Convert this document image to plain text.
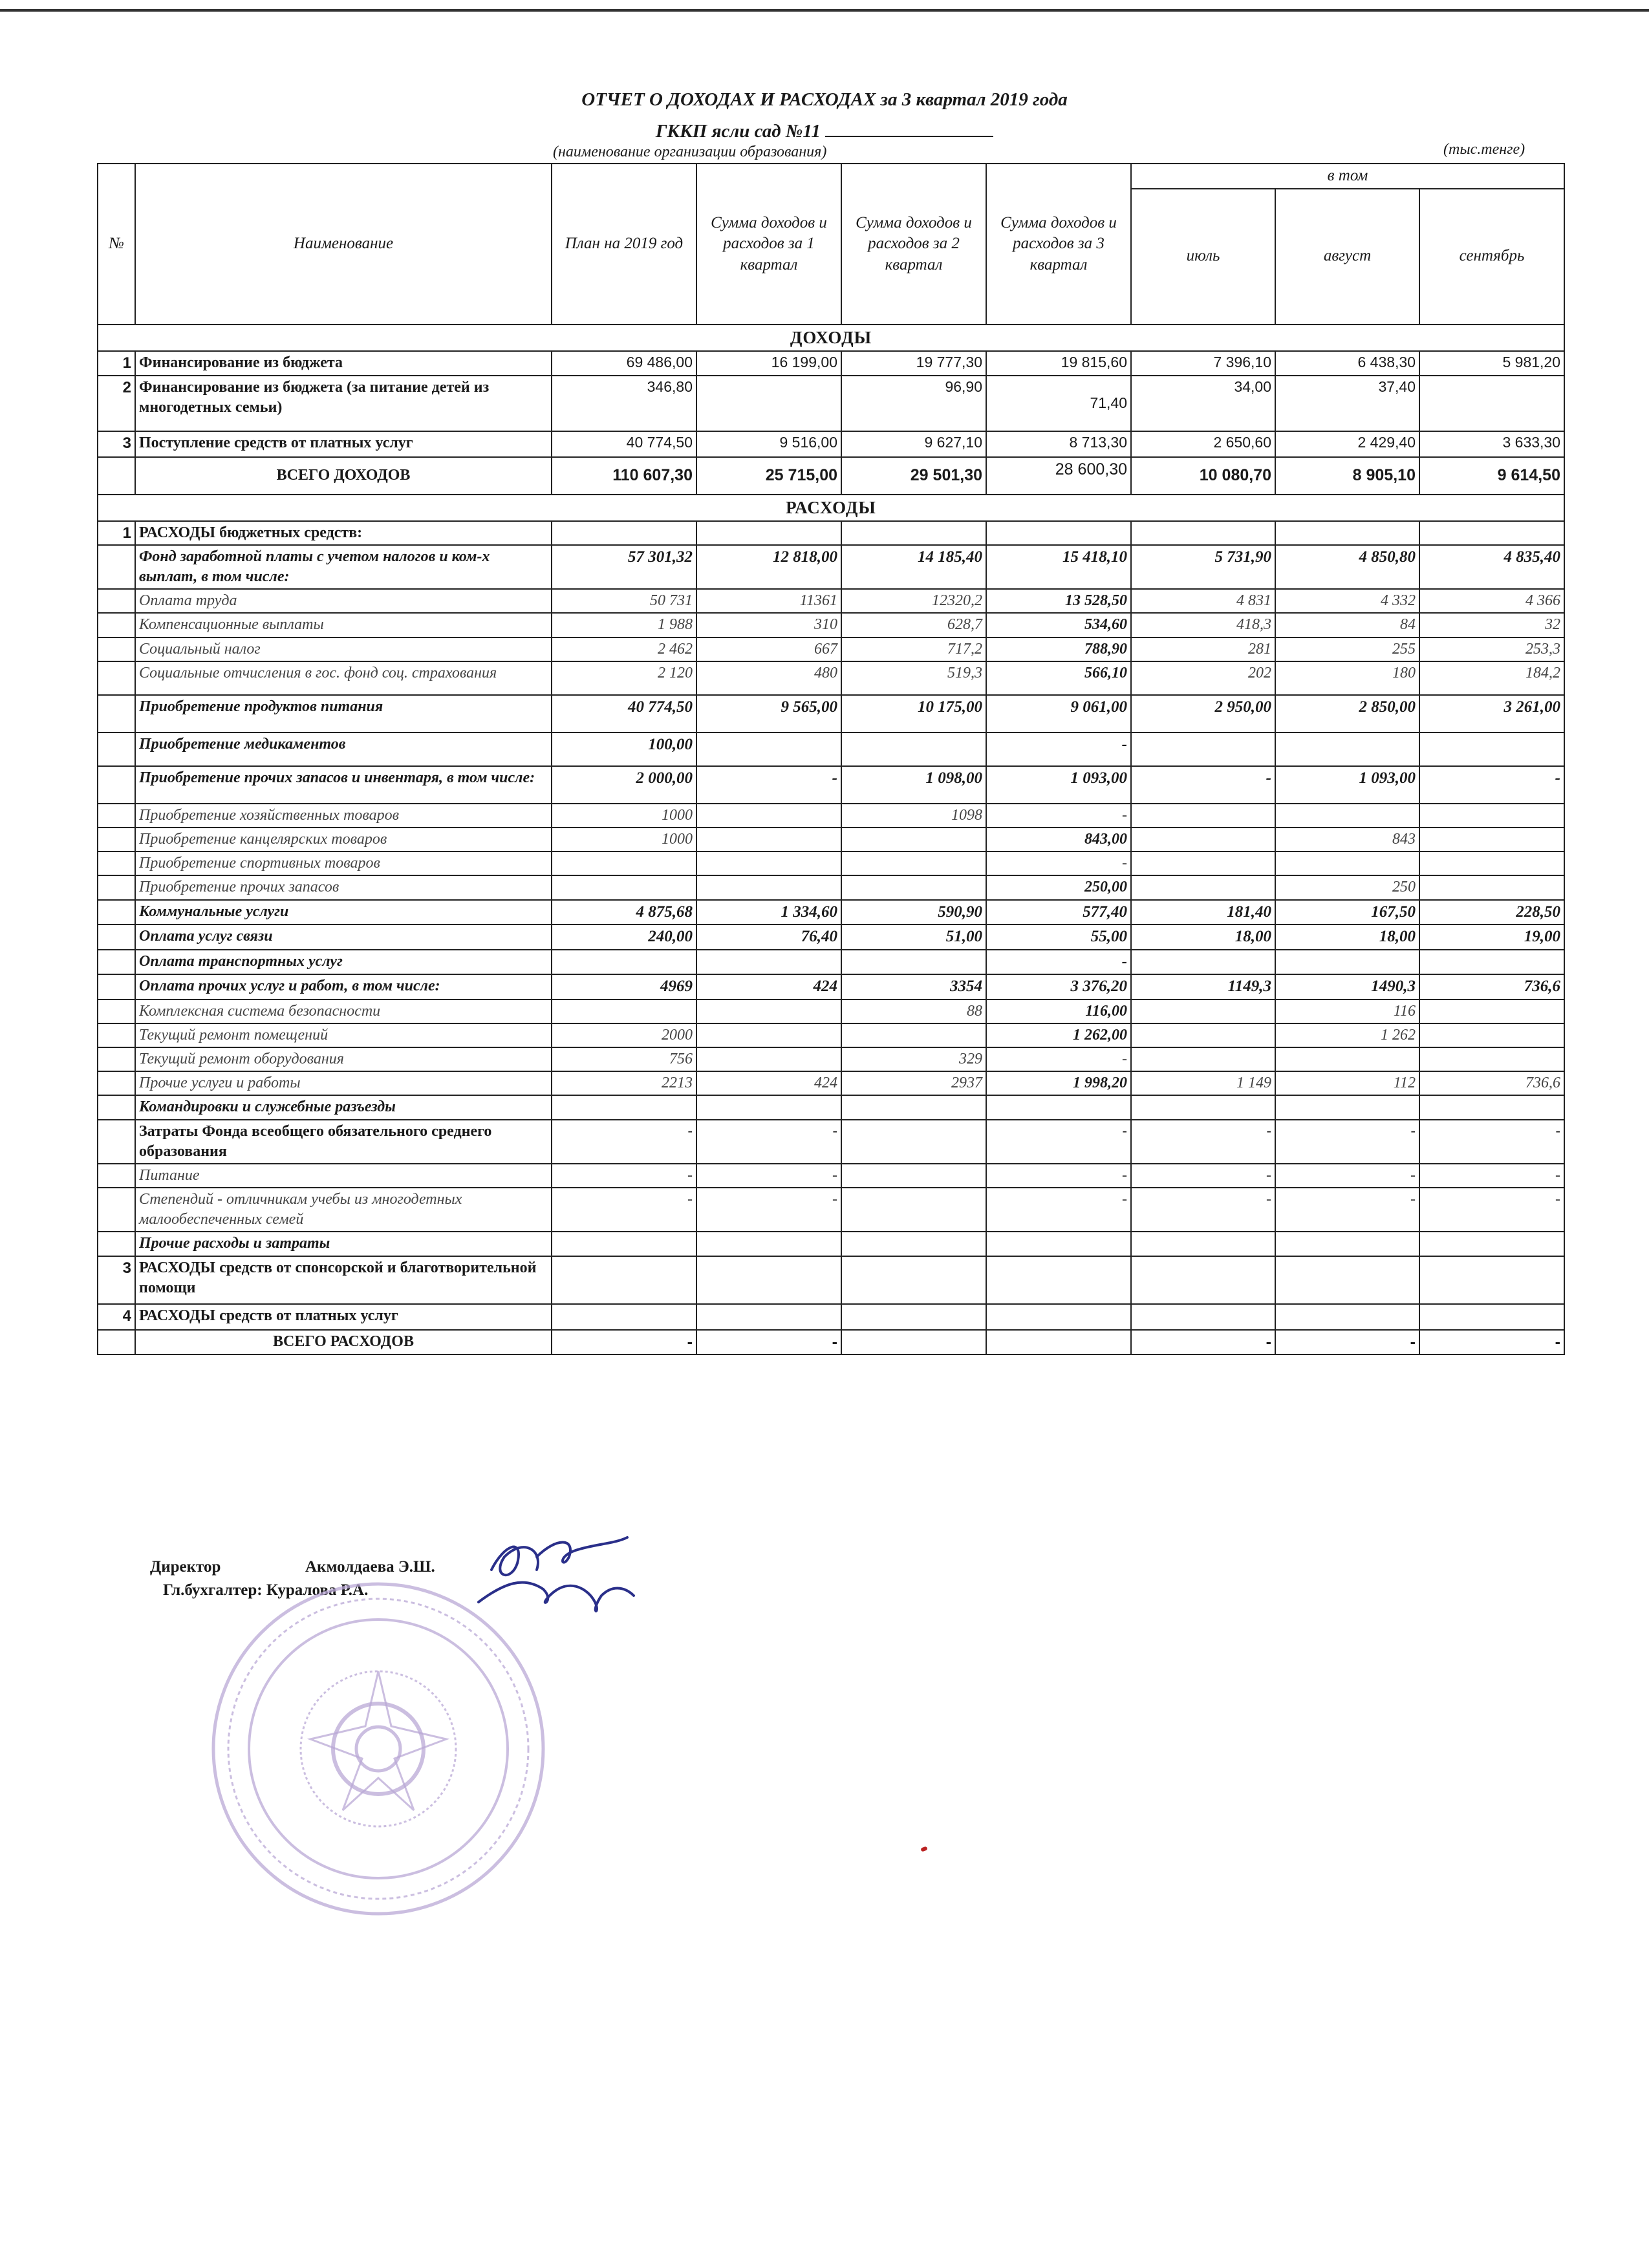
ОТЧЕТ О ДОХОДАХ И РАСХОДАХ за 3 квартал 2019 года
ГККП ясли сад №11
(наименование организации образования)	(тыс.тенге)
№	Наименование	План на 2019 год	Сумма доходов и расходов за 1 квартал	Сумма доходов и расходов за 2 квартал	Сумма доходов и расходов за 3 квартал	в том		
						июль	август	сентябрь
ДОХОДЫ								
1	Финансирование из бюджета	69 486,00	16 199,00	19 777,30	19 815,60	7 396,10	6 438,30	5 981,20
2	Финансирование из бюджета (за питание детей из многодетных семьи)	346,80		96,90	71,40	34,00	37,40	
3	Поступление средств от платных услуг	40 774,50	9 516,00	9 627,10	8 713,30	2 650,60	2 429,40	3 633,30
	ВСЕГО ДОХОДОВ	110 607,30	25 715,00	29 501,30	28 600,30	10 080,70	8 905,10	9 614,50
РАСХОДЫ								
1	РАСХОДЫ бюджетных средств:							
	Фонд заработной платы с учетом налогов и ком-х выплат, в том числе:	57 301,32	12 818,00	14 185,40	15 418,10	5 731,90	4 850,80	4 835,40
	Оплата труда	50 731	11361	12320,2	13 528,50	4 831	4 332	4 366
	Компенсационные выплаты	1 988	310	628,7	534,60	418,3	84	32
	Социальный налог	2 462	667	717,2	788,90	281	255	253,3
	Социальные отчисления в гос. фонд соц. страхования	2 120	480	519,3	566,10	202	180	184,2
	Приобретение продуктов питания	40 774,50	9 565,00	10 175,00	9 061,00	2 950,00	2 850,00	3 261,00
	Приобретение медикаментов	100,00			-			
	Приобретение прочих запасов и инвентаря, в том числе:	2 000,00	-	1 098,00	1 093,00	-	1 093,00	-
	Приобретение хозяйственных товаров	1000		1098	-			
	Приобретение канцелярских товаров	1000			843,00		843	
	Приобретение спортивных товаров				-			
	Приобретение прочих запасов				250,00		250	
	Коммунальные услуги	4 875,68	1 334,60	590,90	577,40	181,40	167,50	228,50
	Оплата услуг связи	240,00	76,40	51,00	55,00	18,00	18,00	19,00
	Оплата транспортных услуг				-			
	Оплата прочих услуг и работ, в том числе:	4969	424	3354	3 376,20	1149,3	1490,3	736,6
	Комплексная система безопасности			88	116,00		116	
	Текущий ремонт помещений	2000			1 262,00		1 262	
	Текущий ремонт оборудования	756		329	-			
	Прочие услуги и работы	2213	424	2937	1 998,20	1 149	112	736,6
	Командировки и служебные разъезды							
	Затраты Фонда всеобщего обязательного среднего образования	-	-		-	-	-	-
	Питание	-	-		-	-	-	-
	Степендий - отличникам учебы из многодетных малообеспеченных семей	-	-		-	-	-	-
	Прочие расходы и затраты							
3	РАСХОДЫ средств от спонсорской и благотворительной помощи							
4	РАСХОДЫ средств от платных услуг							
	ВСЕГО РАСХОДОВ	-	-			-	-	-
Директор	Акмолдаева Э.Ш.
Гл.бухгалтер: Куралова Р.А.
